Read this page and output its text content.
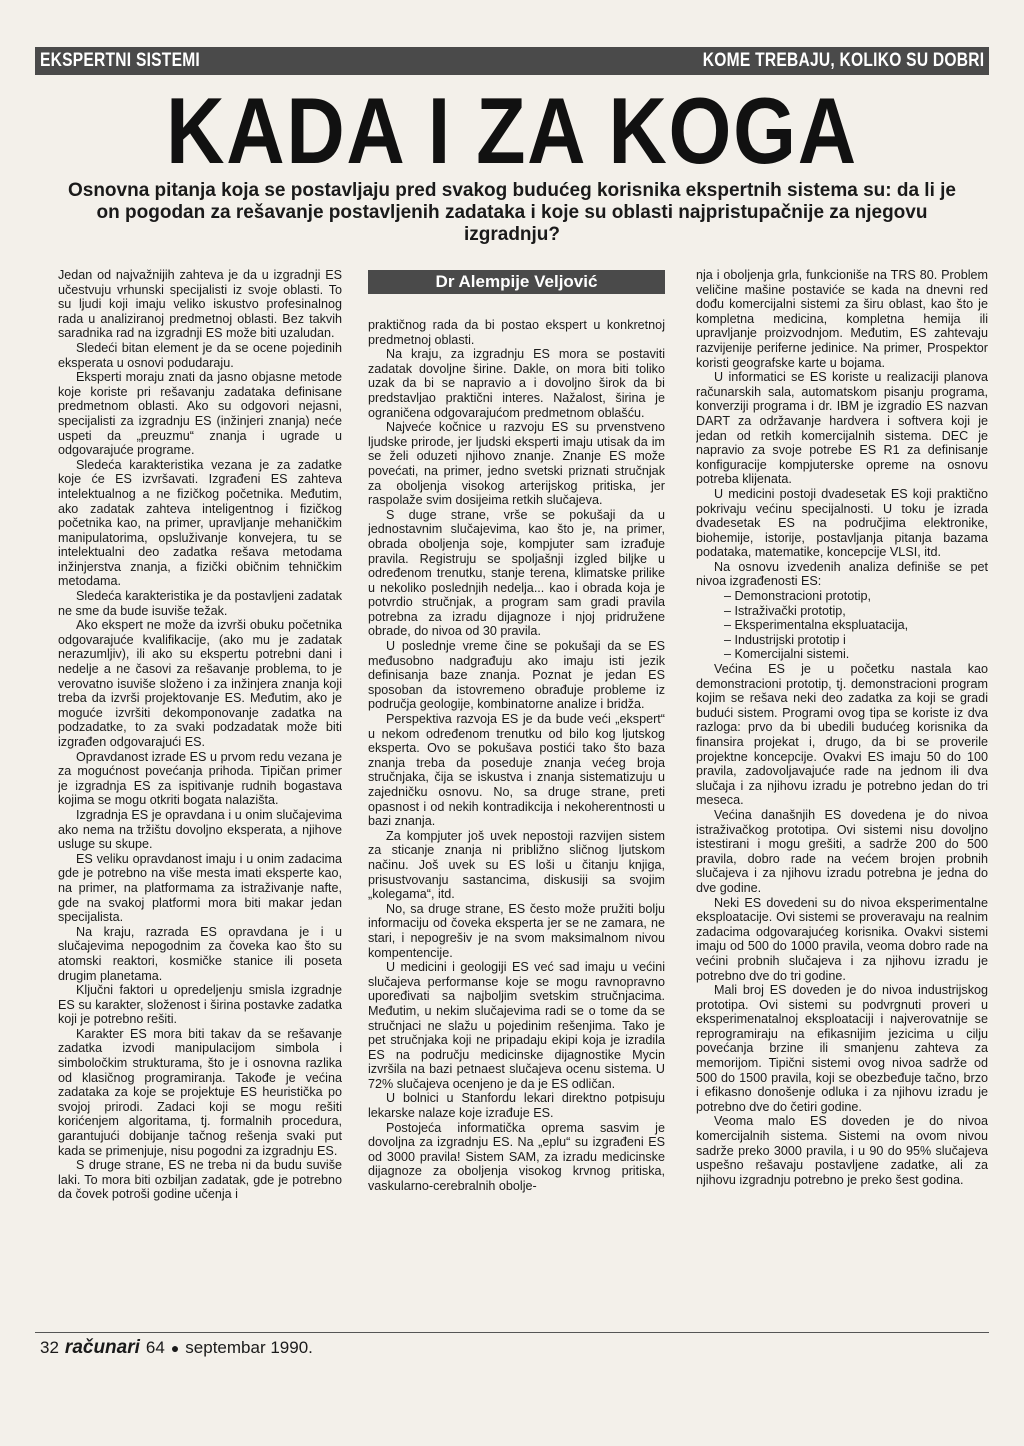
EKSPERTNI SISTEMI	KOME TREBAJU, KOLIKO SU DOBRI
KADA I ZA KOGA
Osnovna pitanja koja se postavljaju pred svakog budućeg korisnika ekspertnih sistema su: da li je on pogodan za rešavanje postavljenih zadataka i koje su oblasti najpristupačnije za njegovu izgradnju?
Dr Alempije Veljović

Jedan od najvažnijih zahteva je da u izgradnji ES učestvuju vrhunski specijalisti iz svoje oblasti. To su ljudi koji imaju veliko iskustvo profesinalnog rada u analiziranoj predmetnoj oblasti. Bez takvih saradnika rad na izgradnji ES može biti uzaludan.

Sledeći bitan element je da se ocene pojedinih eksperata u osnovi podudaraju.

Eksperti moraju znati da jasno objasne metode koje koriste pri rešavanju zadataka definisane predmetnom oblasti. Ako su odgovori nejasni, specijalisti za izgradnju ES (inžinjeri znanja) neće uspeti da „preuzmu“ znanja i ugrade u odgovarajuće programe.

Sledeća karakteristika vezana je za zadatke koje će ES izvršavati. Izgrađeni ES zahteva intelektualnog a ne fizičkog početnika. Međutim, ako zadatak zahteva inteligentnog i fizičkog početnika kao, na primer, upravljanje mehaničkim manipulatorima, opsluživanje konvejera, tu se intelektualni deo zadatka rešava metodama inžinjerstva znanja, a fizički običnim tehničkim metodama.

Sledeća karakteristika je da postavljeni zadatak ne sme da bude isuviše težak.

Ako ekspert ne može da izvrši obuku početnika odgovarajuće kvalifikacije, (ako mu je zadatak nerazumljiv), ili ako su ekspertu potrebni dani i nedelje a ne časovi za rešavanje problema, to je verovatno isuviše složeno i za inžinjera znanja koji treba da izvrši projektovanje ES. Međutim, ako je moguće izvršiti dekomponovanje zadatka na podzadatke, to za svaki podzadatak može biti izgrađen odgovarajući ES.

Opravdanost izrade ES u prvom redu vezana je za mogućnost povećanja prihoda. Tipičan primer je izgradnja ES za ispitivanje rudnih bogastava kojima se mogu otkriti bogata nalazišta.

Izgradnja ES je opravdana i u onim slučajevima ako nema na tržištu dovoljno eksperata, a njihove usluge su skupe.

ES veliku opravdanost imaju i u onim zadacima gde je potrebno na više mesta imati eksperte kao, na primer, na platformama za istraživanje nafte, gde na svakoj platformi mora biti makar jedan specijalista.

Na kraju, razrada ES opravdana je i u slučajevima nepogodnim za čoveka kao što su atomski reaktori, kosmičke stanice ili poseta drugim planetama.

Ključni faktori u opredeljenju smisla izgradnje ES su karakter, složenost i širina postavke zadatka koji je potrebno rešiti.

Karakter ES mora biti takav da se rešavanje zadatka izvodi manipulacijom simbola i simboločkim strukturama, što je i osnovna razlika od klasičnog programiranja. Takođe je većina zadataka za koje se projektuje ES heuristička po svojoj prirodi. Zadaci koji se mogu rešiti korićenjem algoritama, tj. formalnih procedura, garantujući dobijanje tačnog rešenja svaki put kada se primenjuje, nisu pogodni za izgradnju ES.

S druge strane, ES ne treba ni da budu suviše laki. To mora biti ozbiljan zadatak, gde je potrebno da čovek potroši godine učenja i

praktičnog rada da bi postao ekspert u konkretnoj predmetnoj oblasti.

Na kraju, za izgradnju ES mora se postaviti zadatak dovoljne širine. Dakle, on mora biti toliko uzak da bi se napravio a i dovoljno širok da bi predstavljao praktični interes. Nažalost, širina je ograničena odgovarajućom predmetnom oblašću.

Najveće kočnice u razvoju ES su prvenstveno ljudske prirode, jer ljudski eksperti imaju utisak da im se želi oduzeti njihovo znanje. Znanje ES može povećati, na primer, jedno svetski priznati stručnjak za oboljenja visokog arterijskog pritiska, jer raspolaže svim dosijeima retkih slučajeva.

S duge strane, vrše se pokušaji da u jednostavnim slučajevima, kao što je, na primer, obrada oboljenja soje, kompjuter sam izrađuje pravila. Registruju se spoljašnji izgled biljke u određenom trenutku, stanje terena, klimatske prilike u nekoliko poslednjih nedelja... kao i obrada koja je potvrdio stručnjak, a program sam gradi pravila potrebna za izradu dijagnoze i njoj pridružene obrade, do nivoa od 30 pravila.

U poslednje vreme čine se pokušaji da se ES međusobno nadgrađuju ako imaju isti jezik definisanja baze znanja. Poznat je jedan ES sposoban da istovremeno obrađuje probleme iz područja geologije, kombinatorne analize i bridža.

Perspektiva razvoja ES je da bude veći „ekspert“ u nekom određenom trenutku od bilo kog ljutskog eksperta. Ovo se pokušava postići tako što baza znanja treba da poseduje znanja većeg broja stručnjaka, čija se iskustva i znanja sistematizuju u zajedničku osnovu. No, sa druge strane, preti opasnost i od nekih kontradikcija i nekoherentnosti u bazi znanja.

Za kompjuter još uvek nepostoji razvijen sistem za sticanje znanja ni približno sličnog ljutskom načinu. Još uvek su ES loši u čitanju knjiga, prisustvovanju sastancima, diskusiji sa svojim „kolegama“, itd.

No, sa druge strane, ES često može pružiti bolju informaciju od čoveka eksperta jer se ne zamara, ne stari, i nepogrešiv je na svom maksimalnom nivou kompentencije.

U medicini i geologiji ES već sad imaju u većini slučajeva performanse koje se mogu ravnopravno upoređivati sa najboljim svetskim stručnjacima. Međutim, u nekim slučajevima radi se o tome da se stručnjaci ne slažu u pojedinim rešenjima. Tako je pet stručnjaka koji ne pripadaju ekipi koja je izradila ES na području medicinske dijagnostike Mycin izvršila na bazi petnaest slučajeva ocenu sistema. U 72% slučajeva ocenjeno je da je ES odličan.

U bolnici u Stanfordu lekari direktno potpisuju lekarske nalaze koje izrađuje ES.

Postojeća informatička oprema sasvim je dovoljna za izgradnju ES. Na „eplu“ su izgrađeni ES od 3000 pravila! Sistem SAM, za izradu medicinske dijagnoze za oboljenja visokog krvnog pritiska, vaskularno-cerebralnih obolje-

nja i oboljenja grla, funkcioniše na TRS 80. Problem veličine mašine postaviće se kada na dnevni red dođu komercijalni sistemi za širu oblast, kao što je kompletna medicina, kompletna hemija ili upravljanje proizvodnjom. Međutim, ES zahtevaju razvijenije periferne jedinice. Na primer, Prospektor koristi geografske karte u bojama.

U informatici se ES koriste u realizaciji planova računarskih sala, automatskom pisanju programa, konverziji programa i dr. IBM je izgradio ES nazvan DART za održavanje hardvera i softvera koji je jedan od retkih komercijalnih sistema. DEC je napravio za svoje potrebe ES R1 za definisanje konfiguracije kompjuterske opreme na osnovu potreba klijenata.

U medicini postoji dvadesetak ES koji praktično pokrivaju većinu specijalnosti. U toku je izrada dvadesetak ES na područjima elektronike, biohemije, istorije, postavljanja pitanja bazama podataka, matematike, koncepcije VLSI, itd.

Na osnovu izvedenih analiza definiše se pet nivoa izgrađenosti ES:

– Demonstracioni prototip,
– Istraživački prototip,
– Eksperimentalna ekspluatacija,
– Industrijski prototip i
– Komercijalni sistemi.

Većina ES je u početku nastala kao demonstracioni prototip, tj. demonstracioni program kojim se rešava neki deo zadatka za koji se gradi budući sistem. Programi ovog tipa se koriste iz dva razloga: prvo da bi ubedili budućeg korisnika da finansira projekat i, drugo, da bi se proverile projektne koncepcije. Ovakvi ES imaju 50 do 100 pravila, zadovoljavajuće rade na jednom ili dva slučaja i za njihovu izradu je potrebno jedan do tri meseca.

Većina današnjih ES dovedena je do nivoa istraživačkog prototipa. Ovi sistemi nisu dovoljno istestirani i mogu grešiti, a sadrže 200 do 500 pravila, dobro rade na većem brojen probnih slučajeva i za njihovu izradu potrebna je jedna do dve godine.

Neki ES dovedeni su do nivoa eksperimentalne eksploatacije. Ovi sistemi se proveravaju na realnim zadacima odgovarajućeg korisnika. Ovakvi sistemi imaju od 500 do 1000 pravila, veoma dobro rade na većini probnih slučajeva i za njihovu izradu je potrebno dve do tri godine.

Mali broj ES doveden je do nivoa industrijskog prototipa. Ovi sistemi su podvrgnuti proveri u eksperimenatalnoj eksploataciji i najverovatnije se reprogramiraju na efikasnijim jezicima u cilju povećanja brzine ili smanjenu zahteva za memorijom. Tipični sistemi ovog nivoa sadrže od 500 do 1500 pravila, koji se obezbeđuje tačno, brzo i efikasno donošenje odluka i za njihovu izradu je potrebno dve do četiri godine.

Veoma malo ES doveden je do nivoa komercijalnih sistema. Sistemi na ovom nivou sadrže preko 3000 pravila, i u 90 do 95% slučajeva uspešno rešavaju postavljene zadatke, ali za njihovu izgradnju potrebno je preko šest godina.

32 računari 64 ● septembar 1990.
